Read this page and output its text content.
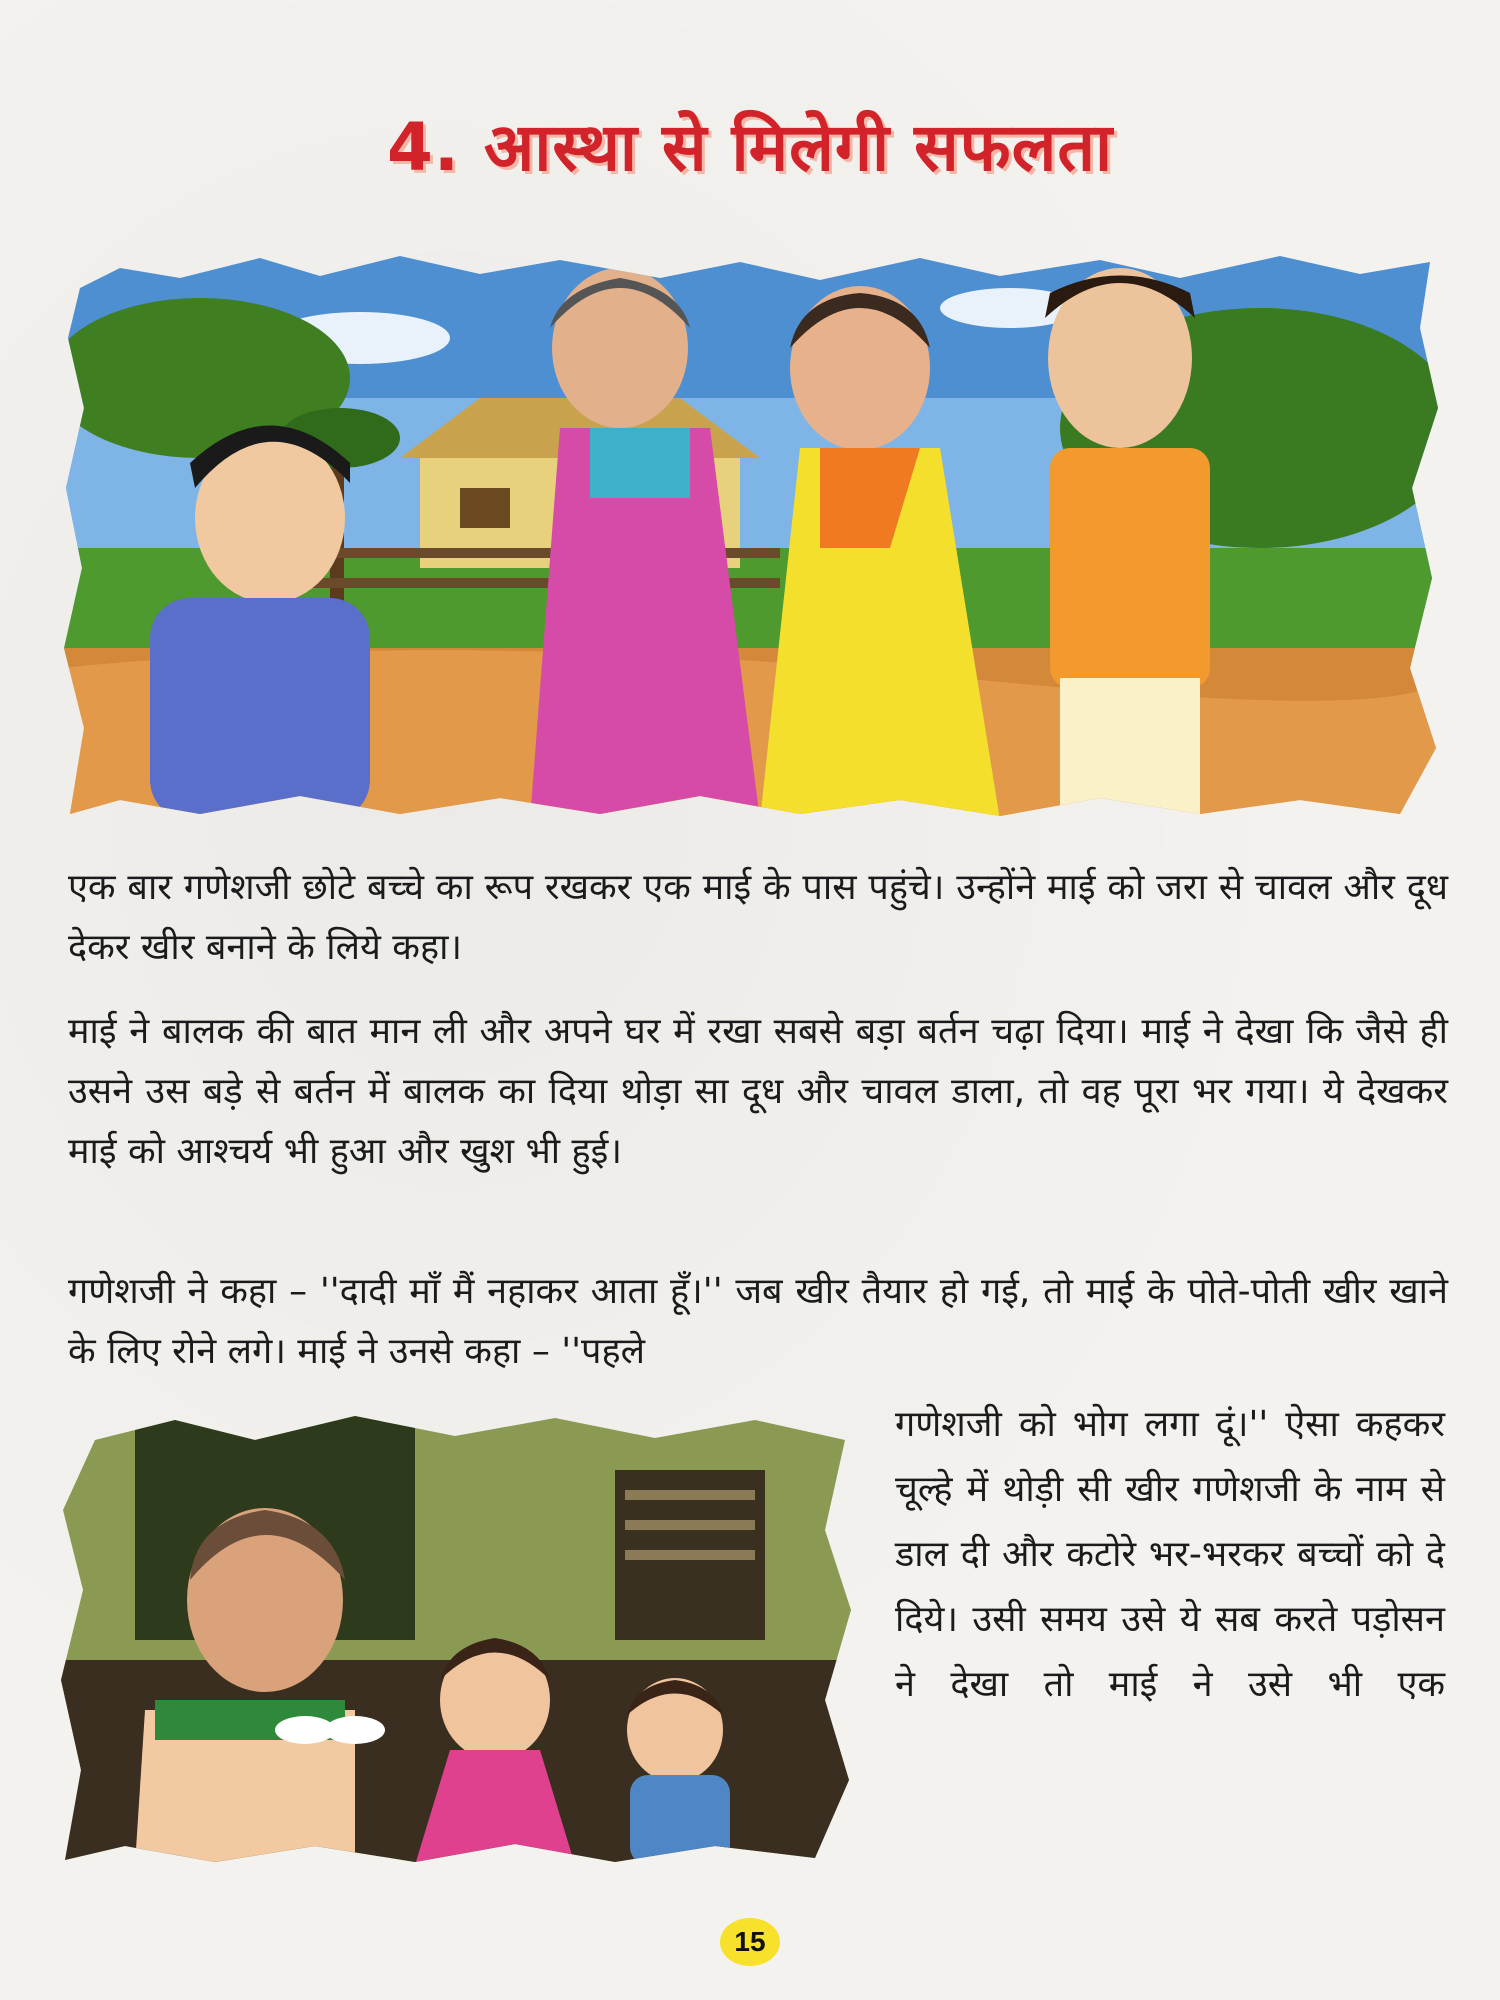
4. आस्था से मिलेगी सफलता

एक बार गणेशजी छोटे बच्चे का रूप रखकर एक माई के पास पहुंचे। उन्होंने माई को जरा से चावल और दूध देकर खीर बनाने के लिये कहा।

माई ने बालक की बात मान ली और अपने घर में रखा सबसे बड़ा बर्तन चढ़ा दिया। माई ने देखा कि जैसे ही उसने उस बड़े से बर्तन में बालक का दिया थोड़ा सा दूध और चावल डाला, तो वह पूरा भर गया। ये देखकर माई को आश्चर्य भी हुआ और खुश भी हुई।

गणेशजी ने कहा – ''दादी माँ मैं नहाकर आता हूँ।'' जब खीर तैयार हो गई, तो माई के पोते-पोती खीर खाने के लिए रोने लगे। माई ने उनसे कहा – ''पहले

गणेशजी को भोग लगा दूं।'' ऐसा कहकर चूल्हे में थोड़ी सी खीर गणेशजी के नाम से डाल दी और कटोरे भर-भरकर बच्चों को दे दिये। उसी समय उसे ये सब करते पड़ोसन ने देखा तो माई ने उसे भी एक

15
